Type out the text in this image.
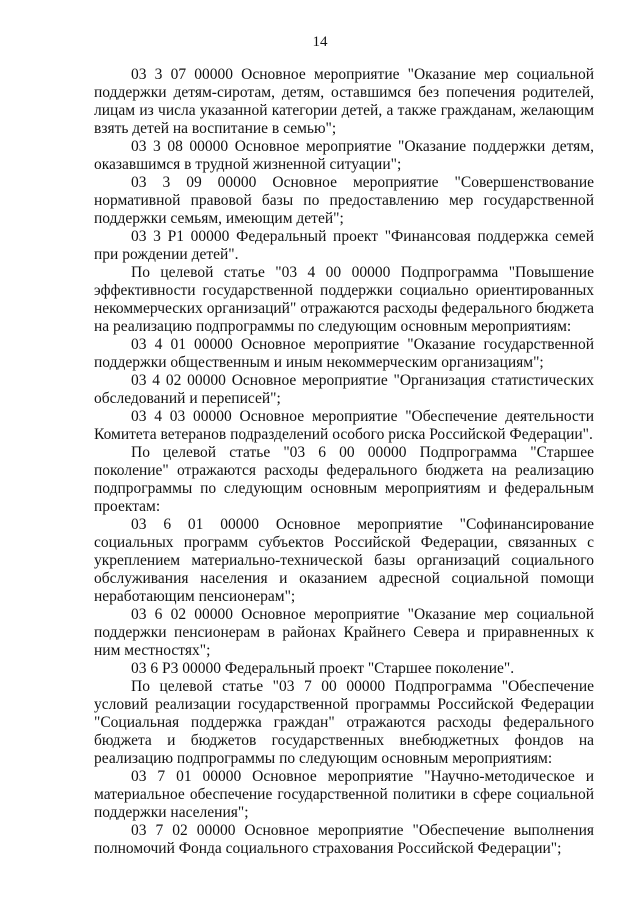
14

03 3 07 00000 Основное мероприятие "Оказание мер социальной поддержки детям-сиротам, детям, оставшимся без попечения родителей, лицам из числа указанной категории детей, а также гражданам, желающим взять детей на воспитание в семью";

03 3 08 00000 Основное мероприятие "Оказание поддержки детям, оказавшимся в трудной жизненной ситуации";

03 3 09 00000 Основное мероприятие "Совершенствование нормативной правовой базы по предоставлению мер государственной поддержки семьям, имеющим детей";

03 3 P1 00000 Федеральный проект "Финансовая поддержка семей при рождении детей".

По целевой статье "03 4 00 00000 Подпрограмма "Повышение эффективности государственной поддержки социально ориентированных некоммерческих организаций" отражаются расходы федерального бюджета на реализацию подпрограммы по следующим основным мероприятиям:

03 4 01 00000 Основное мероприятие "Оказание государственной поддержки общественным и иным некоммерческим организациям";

03 4 02 00000 Основное мероприятие "Организация статистических обследований и переписей";

03 4 03 00000 Основное мероприятие "Обеспечение деятельности Комитета ветеранов подразделений особого риска Российской Федерации".

По целевой статье "03 6 00 00000 Подпрограмма "Старшее поколение" отражаются расходы федерального бюджета на реализацию подпрограммы по следующим основным мероприятиям и федеральным проектам:

03 6 01 00000 Основное мероприятие "Софинансирование социальных программ субъектов Российской Федерации, связанных с укреплением материально-технической базы организаций социального обслуживания населения и оказанием адресной социальной помощи неработающим пенсионерам";

03 6 02 00000 Основное мероприятие "Оказание мер социальной поддержки пенсионерам в районах Крайнего Севера и приравненных к ним местностях";

03 6 P3 00000 Федеральный проект "Старшее поколение".

По целевой статье "03 7 00 00000 Подпрограмма "Обеспечение условий реализации государственной программы Российской Федерации "Социальная поддержка граждан" отражаются расходы федерального бюджета и бюджетов государственных внебюджетных фондов на реализацию подпрограммы по следующим основным мероприятиям:

03 7 01 00000 Основное мероприятие "Научно-методическое и материальное обеспечение государственной политики в сфере социальной поддержки населения";

03 7 02 00000 Основное мероприятие "Обеспечение выполнения полномочий Фонда социального страхования Российской Федерации";
